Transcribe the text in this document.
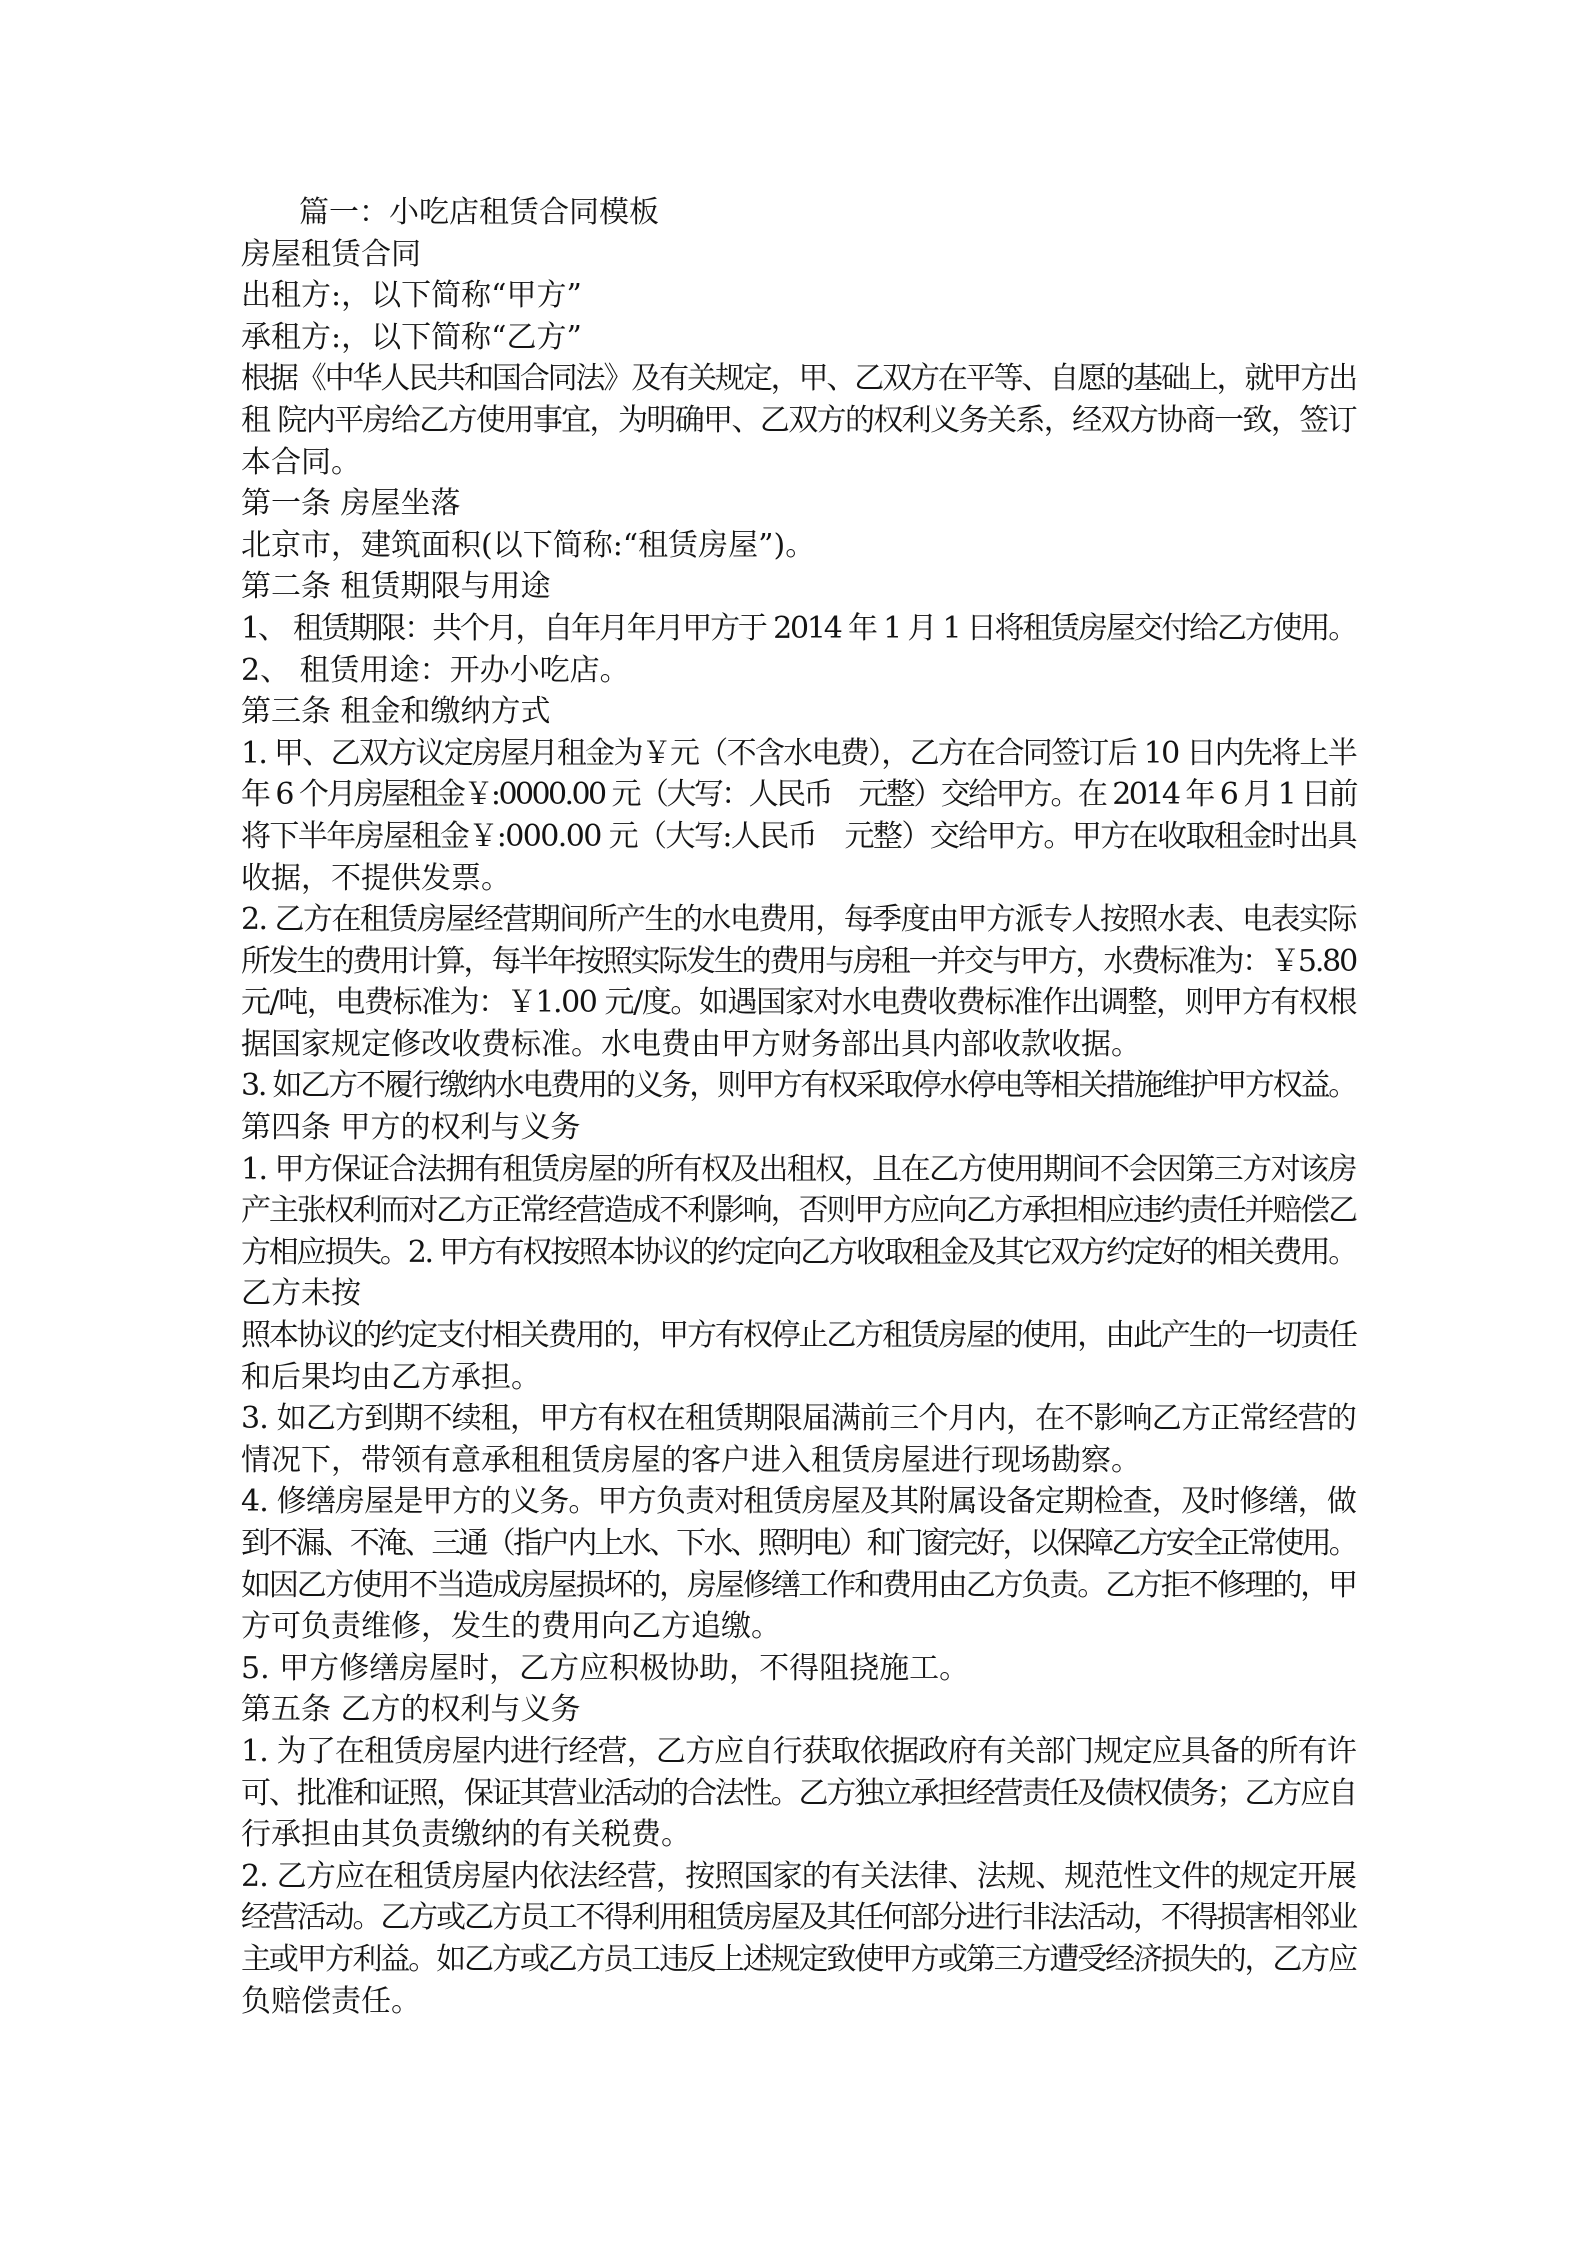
篇一：小吃店租赁合同模板
房屋租赁合同
出租方:，以下简称“甲方”
承租方:，以下简称“乙方”
根据《中华人民共和国合同法》及有关规定，甲、乙双方在平等、自愿的基础上，就甲方出
租 院内平房给乙方使用事宜，为明确甲、乙双方的权利义务关系，经双方协商一致，签订
本合同。
第一条 房屋坐落
北京市，建筑面积(以下简称:“租赁房屋”)。
第二条 租赁期限与用途
1、 租赁期限：共个月，自年月年月甲方于 2014 年 1 月 1 日将租赁房屋交付给乙方使用。
2、 租赁用途：开办小吃店。
第三条 租金和缴纳方式
1. 甲、乙双方议定房屋月租金为￥元（不含水电费），乙方在合同签订后 10 日内先将上半
年 6 个月房屋租金￥:0000.00 元（大写：人民币　元整）交给甲方。在 2014 年 6 月 1 日前
将下半年房屋租金￥:000.00 元（大写:人民币　元整）交给甲方。甲方在收取租金时出具
收据，不提供发票。
2. 乙方在租赁房屋经营期间所产生的水电费用，每季度由甲方派专人按照水表、电表实际
所发生的费用计算，每半年按照实际发生的费用与房租一并交与甲方，水费标准为：￥5.80
元/吨，电费标准为：￥1.00 元/度。如遇国家对水电费收费标准作出调整，则甲方有权根
据国家规定修改收费标准。水电费由甲方财务部出具内部收款收据。
3. 如乙方不履行缴纳水电费用的义务，则甲方有权采取停水停电等相关措施维护甲方权益。
第四条 甲方的权利与义务
1. 甲方保证合法拥有租赁房屋的所有权及出租权，且在乙方使用期间不会因第三方对该房
产主张权利而对乙方正常经营造成不利影响，否则甲方应向乙方承担相应违约责任并赔偿乙
方相应损失。2. 甲方有权按照本协议的约定向乙方收取租金及其它双方约定好的相关费用。
乙方未按
照本协议的约定支付相关费用的，甲方有权停止乙方租赁房屋的使用，由此产生的一切责任
和后果均由乙方承担。
3. 如乙方到期不续租，甲方有权在租赁期限届满前三个月内，在不影响乙方正常经营的
情况下，带领有意承租租赁房屋的客户进入租赁房屋进行现场勘察。
4. 修缮房屋是甲方的义务。甲方负责对租赁房屋及其附属设备定期检查，及时修缮，做
到不漏、不淹、三通（指户内上水、下水、照明电）和门窗完好，以保障乙方安全正常使用。
如因乙方使用不当造成房屋损坏的，房屋修缮工作和费用由乙方负责。乙方拒不修理的，甲
方可负责维修，发生的费用向乙方追缴。
5. 甲方修缮房屋时，乙方应积极协助，不得阻挠施工。
第五条 乙方的权利与义务
1. 为了在租赁房屋内进行经营，乙方应自行获取依据政府有关部门规定应具备的所有许
可、批准和证照，保证其营业活动的合法性。乙方独立承担经营责任及债权债务；乙方应自
行承担由其负责缴纳的有关税费。
2. 乙方应在租赁房屋内依法经营，按照国家的有关法律、法规、规范性文件的规定开展
经营活动。乙方或乙方员工不得利用租赁房屋及其任何部分进行非法活动，不得损害相邻业
主或甲方利益。如乙方或乙方员工违反上述规定致使甲方或第三方遭受经济损失的，乙方应
负赔偿责任。
